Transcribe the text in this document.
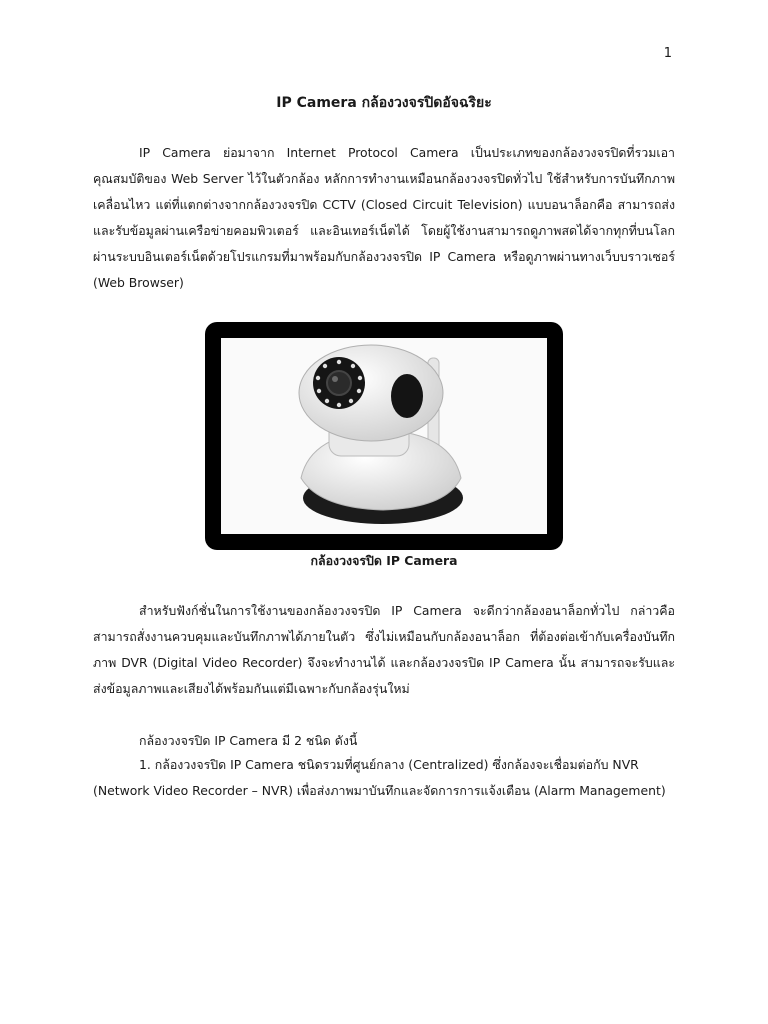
1
IP Camera กล้องวงจรปิดอัจฉริยะ
IP Camera ย่อมาจาก Internet Protocol Camera เป็นประเภทของกล้องวงจรปิดที่รวมเอาคุณสมบัติของ Web Server ไว้ในตัวกล้อง หลักการทำงานเหมือนกล้องวงจรปิดทั่วไป ใช้สำหรับการบันทึกภาพเคลื่อนไหว แต่ที่แตกต่างจากกล้องวงจรปิด CCTV (Closed Circuit Television) แบบอนาล็อกคือ สามารถส่งและรับข้อมูลผ่านเครือข่ายคอมพิวเตอร์ และอินเทอร์เน็ตได้ โดยผู้ใช้งานสามารถดูภาพสดได้จากทุกที่บนโลกผ่านระบบอินเตอร์เน็ตด้วยโปรแกรมที่มาพร้อมกับกล้องวงจรปิด IP Camera หรือดูภาพผ่านทางเว็บบราวเซอร์ (Web Browser)
กล้องวงจรปิด IP Camera
สำหรับฟังก์ชั่นในการใช้งานของกล้องวงจรปิด IP Camera จะดีกว่ากล้องอนาล็อกทั่วไป กล่าวคือสามารถสั่งงานควบคุมและบันทึกภาพได้ภายในตัว ซึ่งไม่เหมือนกับกล้องอนาล็อก ที่ต้องต่อเข้ากับเครื่องบันทึกภาพ DVR (Digital Video Recorder) จึงจะทำงานได้ และกล้องวงจรปิด IP Camera นั้น สามารถจะรับและส่งข้อมูลภาพและเสียงได้พร้อมกันแต่มีเฉพาะกับกล้องรุ่นใหม่
กล้องวงจรปิด IP Camera มี 2 ชนิด ดังนี้
1. กล้องวงจรปิด IP Camera ชนิดรวมที่ศูนย์กลาง (Centralized) ซึ่งกล้องจะเชื่อมต่อกับ NVR
(Network Video Recorder – NVR) เพื่อส่งภาพมาบันทึกและจัดการการแจ้งเตือน (Alarm Management)
